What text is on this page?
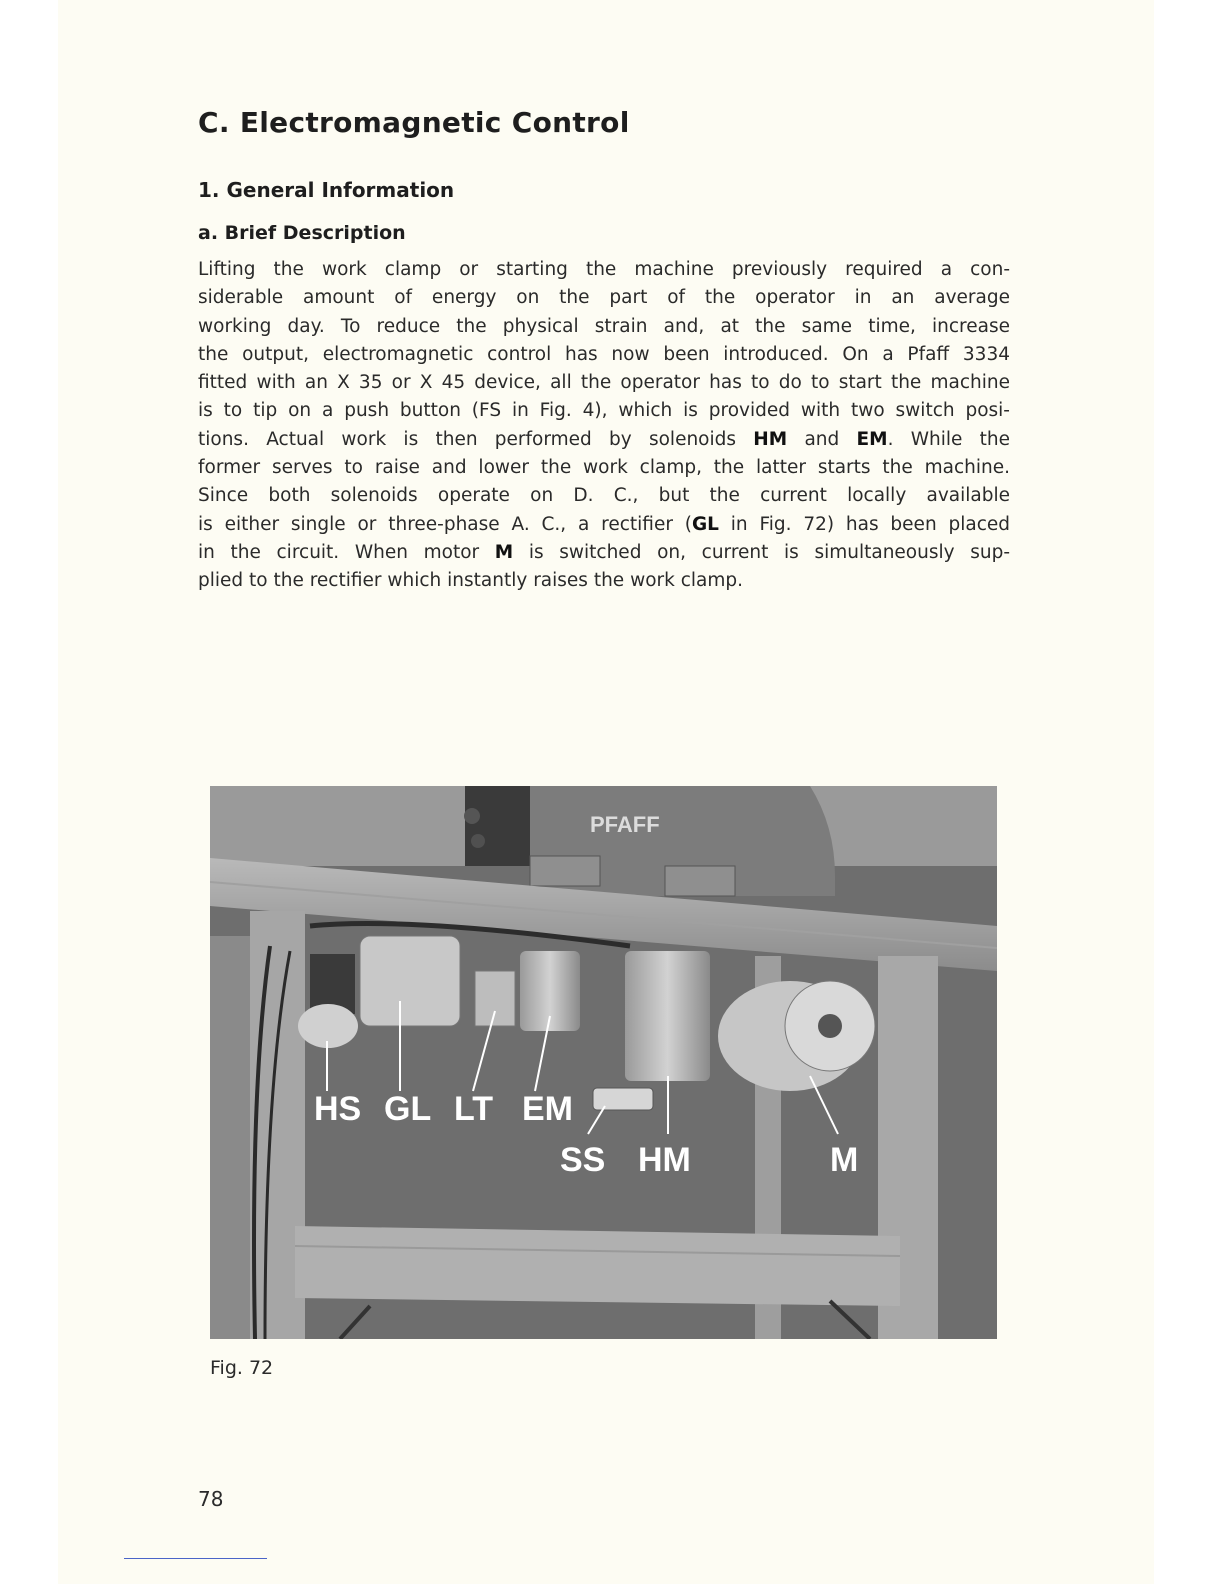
C. Electromagnetic Control
1. General Information
a. Brief Description
Lifting the work clamp or starting the machine previously required a con-
siderable amount of energy on the part of the operator in an average
working day. To reduce the physical strain and, at the same time, increase
the output, electromagnetic control has now been introduced. On a Pfaff 3334
fitted with an X 35 or X 45 device, all the operator has to do to start the machine
is to tip on a push button (FS in Fig. 4), which is provided with two switch posi-
tions. Actual work is then performed by solenoids HM and EM. While the
former serves to raise and lower the work clamp, the latter starts the machine.
Since both solenoids operate on D. C., but the current locally available
is either single or three-phase A. C., a rectifier (GL in Fig. 72) has been placed
in the circuit. When motor M is switched on, current is simultaneously sup-
plied to the rectifier which instantly raises the work clamp.
PFAFF
HS GL LT EM
SS HM	M
Fig. 72
78
